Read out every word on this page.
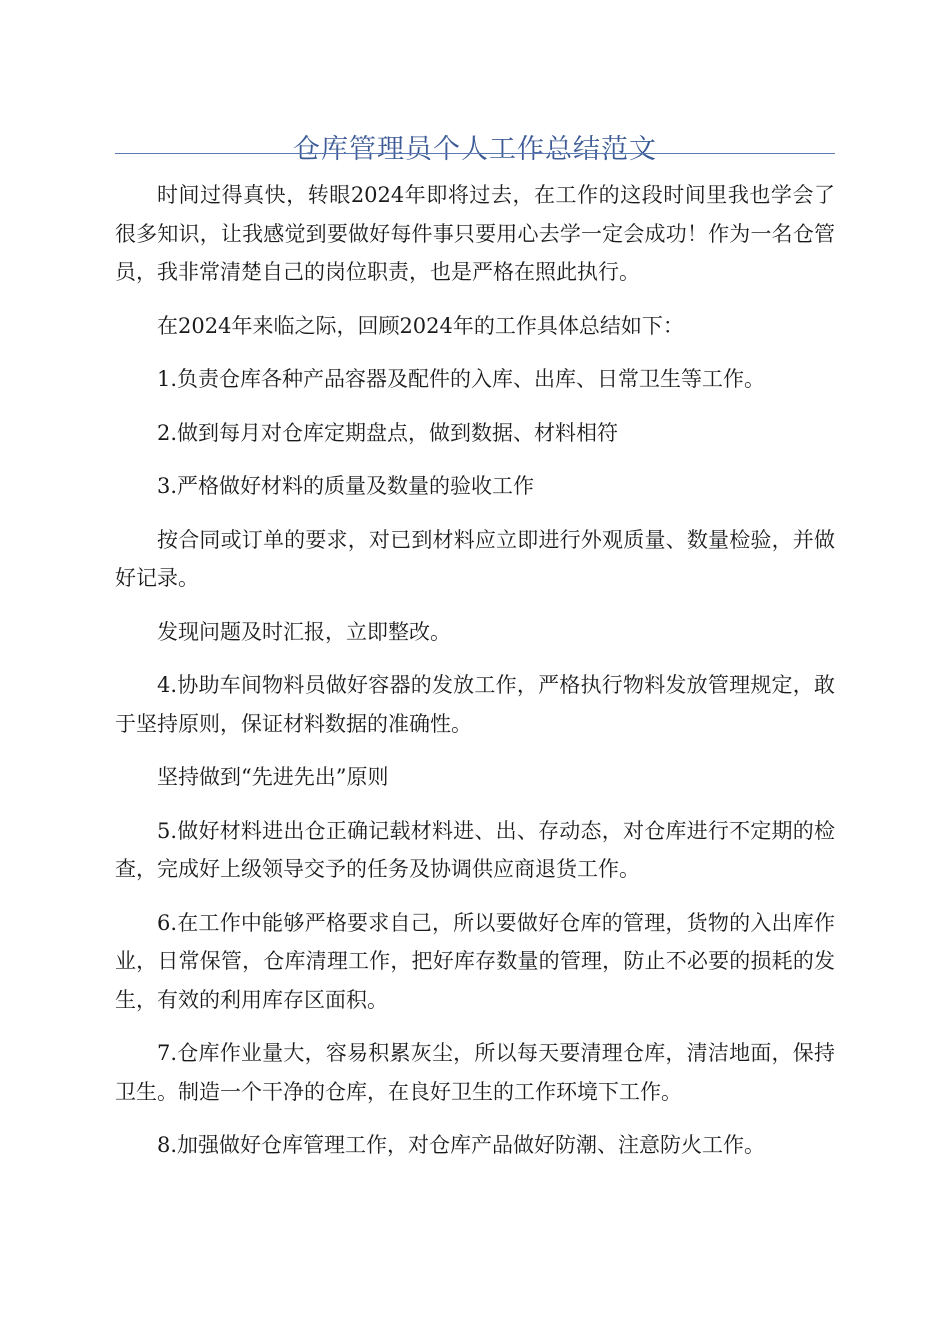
仓库管理员个人工作总结范文

时间过得真快，转眼2024年即将过去，在工作的这段时间里我也学会了很多知识，让我感觉到要做好每件事只要用心去学一定会成功！作为一名仓管员，我非常清楚自己的岗位职责，也是严格在照此执行。

在2024年来临之际，回顾2024年的工作具体总结如下：

1.负责仓库各种产品容器及配件的入库、出库、日常卫生等工作。

2.做到每月对仓库定期盘点，做到数据、材料相符

3.严格做好材料的质量及数量的验收工作

按合同或订单的要求，对已到材料应立即进行外观质量、数量检验，并做好记录。

发现问题及时汇报，立即整改。

4.协助车间物料员做好容器的发放工作，严格执行物料发放管理规定，敢于坚持原则，保证材料数据的准确性。

坚持做到“先进先出”原则

5.做好材料进出仓正确记载材料进、出、存动态，对仓库进行不定期的检查，完成好上级领导交予的任务及协调供应商退货工作。

6.在工作中能够严格要求自己，所以要做好仓库的管理，货物的入出库作业，日常保管，仓库清理工作，把好库存数量的管理，防止不必要的损耗的发生，有效的利用库存区面积。

7.仓库作业量大，容易积累灰尘，所以每天要清理仓库，清洁地面，保持卫生。制造一个干净的仓库，在良好卫生的工作环境下工作。

8.加强做好仓库管理工作，对仓库产品做好防潮、注意防火工作。
